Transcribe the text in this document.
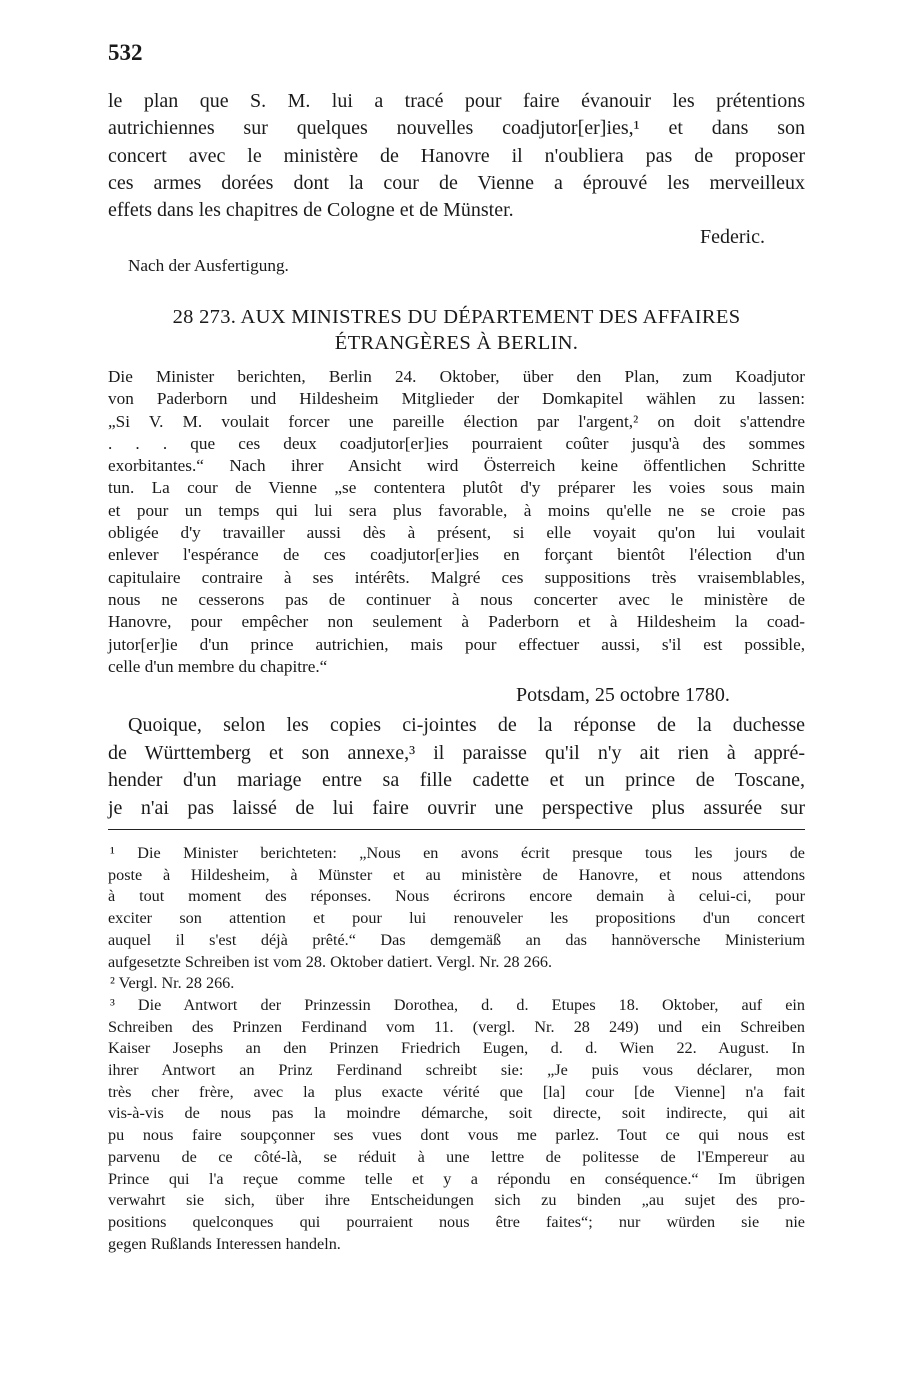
532
le plan que S. M. lui a tracé pour faire évanouir les prétentions
autrichiennes sur quelques nouvelles coadjutor[er]ies,¹ et dans son
concert avec le ministère de Hanovre il n'oubliera pas de proposer
ces armes dorées dont la cour de Vienne a éprouvé les merveilleux
effets dans les chapitres de Cologne et de Münster.
Federic.
Nach der Ausfertigung.
28 273. AUX MINISTRES DU DÉPARTEMENT DES AFFAIRES
ÉTRANGÈRES À BERLIN.
Die Minister berichten, Berlin 24. Oktober, über den Plan, zum Koadjutor
von Paderborn und Hildesheim Mitglieder der Domkapitel wählen zu lassen:
„Si V. M. voulait forcer une pareille élection par l'argent,² on doit s'attendre
. . . que ces deux coadjutor[er]ies pourraient coûter jusqu'à des sommes
exorbitantes.“ Nach ihrer Ansicht wird Österreich keine öffentlichen Schritte
tun. La cour de Vienne „se contentera plutôt d'y préparer les voies sous main
et pour un temps qui lui sera plus favorable, à moins qu'elle ne se croie pas
obligée d'y travailler aussi dès à présent, si elle voyait qu'on lui voulait
enlever l'espérance de ces coadjutor[er]ies en forçant bientôt l'élection d'un
capitulaire contraire à ses intérêts. Malgré ces suppositions très vraisemblables,
nous ne cesserons pas de continuer à nous concerter avec le ministère de
Hanovre, pour empêcher non seulement à Paderborn et à Hildesheim la coad-
jutor[er]ie d'un prince autrichien, mais pour effectuer aussi, s'il est possible,
celle d'un membre du chapitre.“
Potsdam, 25 octobre 1780.
Quoique, selon les copies ci-jointes de la réponse de la duchesse
de Württemberg et son annexe,³ il paraisse qu'il n'y ait rien à appré-
hender d'un mariage entre sa fille cadette et un prince de Toscane,
je n'ai pas laissé de lui faire ouvrir une perspective plus assurée sur
¹ Die Minister berichteten: „Nous en avons écrit presque tous les jours de
poste à Hildesheim, à Münster et au ministère de Hanovre, et nous attendons
à tout moment des réponses. Nous écrirons encore demain à celui-ci, pour
exciter son attention et pour lui renouveler les propositions d'un concert
auquel il s'est déjà prêté.“ Das demgemäß an das hannöversche Ministerium
aufgesetzte Schreiben ist vom 28. Oktober datiert. Vergl. Nr. 28 266.
² Vergl. Nr. 28 266.
³ Die Antwort der Prinzessin Dorothea, d. d. Etupes 18. Oktober, auf ein
Schreiben des Prinzen Ferdinand vom 11. (vergl. Nr. 28 249) und ein Schreiben
Kaiser Josephs an den Prinzen Friedrich Eugen, d. d. Wien 22. August. In
ihrer Antwort an Prinz Ferdinand schreibt sie: „Je puis vous déclarer, mon
très cher frère, avec la plus exacte vérité que [la] cour [de Vienne] n'a fait
vis-à-vis de nous pas la moindre démarche, soit directe, soit indirecte, qui ait
pu nous faire soupçonner ses vues dont vous me parlez. Tout ce qui nous est
parvenu de ce côté-là, se réduit à une lettre de politesse de l'Empereur au
Prince qui l'a reçue comme telle et y a répondu en conséquence.“ Im übrigen
verwahrt sie sich, über ihre Entscheidungen sich zu binden „au sujet des pro-
positions quelconques qui pourraient nous être faites“; nur würden sie nie
gegen Rußlands Interessen handeln.
